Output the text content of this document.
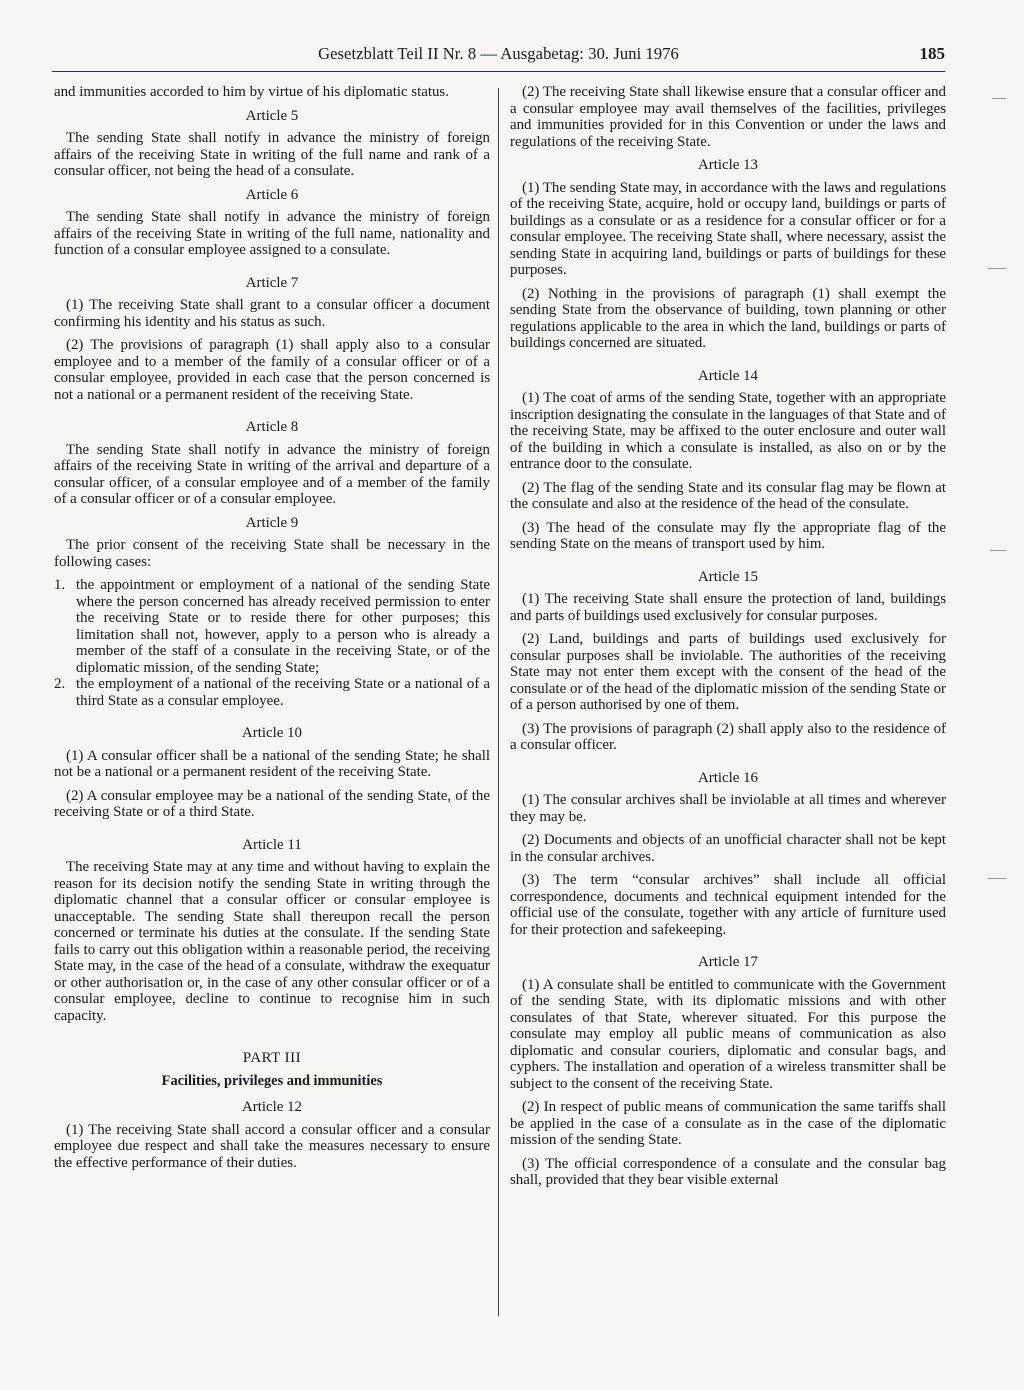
Gesetzblatt Teil II Nr. 8 — Ausgabetag: 30. Juni 1976	185

and immunities accorded to him by virtue of his diplomatic status.

Article 5

The sending State shall notify in advance the ministry of foreign affairs of the receiving State in writing of the full name and rank of a consular officer, not being the head of a consulate.

Article 6

The sending State shall notify in advance the ministry of foreign affairs of the receiving State in writing of the full name, nationality and function of a consular employee assigned to a consulate.

Article 7

(1) The receiving State shall grant to a consular officer a document confirming his identity and his status as such.

(2) The provisions of paragraph (1) shall apply also to a consular employee and to a member of the family of a consular officer or of a consular employee, provided in each case that the person concerned is not a national or a permanent resident of the receiving State.

Article 8

The sending State shall notify in advance the ministry of foreign affairs of the receiving State in writing of the arrival and departure of a consular officer, of a consular employee and of a member of the family of a consular officer or of a consular employee.

Article 9

The prior consent of the receiving State shall be necessary in the following cases:

1. the appointment or employment of a national of the sending State where the person concerned has already received permission to enter the receiving State or to reside there for other purposes; this limitation shall not, however, apply to a person who is already a member of the staff of a consulate in the receiving State, or of the diplomatic mission, of the sending State;
2. the employment of a national of the receiving State or a national of a third State as a consular employee.
Article 10

(1) A consular officer shall be a national of the sending State; he shall not be a national or a permanent resident of the receiving State.

(2) A consular employee may be a national of the sending State, of the receiving State or of a third State.

Article 11

The receiving State may at any time and without having to explain the reason for its decision notify the sending State in writing through the diplomatic channel that a consular officer or consular employee is unacceptable. The sending State shall thereupon recall the person concerned or terminate his duties at the consulate. If the sending State fails to carry out this obligation within a reasonable period, the receiving State may, in the case of the head of a consulate, withdraw the exequatur or other authorisation or, in the case of any other consular officer or of a consular employee, decline to continue to recognise him in such capacity.

PART III
Facilities, privileges and immunities
Article 12

(1) The receiving State shall accord a consular officer and a consular employee due respect and shall take the measures necessary to ensure the effective performance of their duties.

(2) The receiving State shall likewise ensure that a consular officer and a consular employee may avail themselves of the facilities, privileges and immunities provided for in this Convention or under the laws and regulations of the receiving State.

Article 13

(1) The sending State may, in accordance with the laws and regulations of the receiving State, acquire, hold or occupy land, buildings or parts of buildings as a consulate or as a residence for a consular officer or for a consular employee. The receiving State shall, where necessary, assist the sending State in acquiring land, buildings or parts of buildings for these purposes.

(2) Nothing in the provisions of paragraph (1) shall exempt the sending State from the observance of building, town planning or other regulations applicable to the area in which the land, buildings or parts of buildings concerned are situated.

Article 14

(1) The coat of arms of the sending State, together with an appropriate inscription designating the consulate in the languages of that State and of the receiving State, may be affixed to the outer enclosure and outer wall of the building in which a consulate is installed, as also on or by the entrance door to the consulate.

(2) The flag of the sending State and its consular flag may be flown at the consulate and also at the residence of the head of the consulate.

(3) The head of the consulate may fly the appropriate flag of the sending State on the means of transport used by him.

Article 15

(1) The receiving State shall ensure the protection of land, buildings and parts of buildings used exclusively for consular purposes.

(2) Land, buildings and parts of buildings used exclusively for consular purposes shall be inviolable. The authorities of the receiving State may not enter them except with the consent of the head of the consulate or of the head of the diplomatic mission of the sending State or of a person authorised by one of them.

(3) The provisions of paragraph (2) shall apply also to the residence of a consular officer.

Article 16

(1) The consular archives shall be inviolable at all times and wherever they may be.

(2) Documents and objects of an unofficial character shall not be kept in the consular archives.

(3) The term “consular archives” shall include all official correspondence, documents and technical equipment intended for the official use of the consulate, together with any article of furniture used for their protection and safekeeping.

Article 17

(1) A consulate shall be entitled to communicate with the Government of the sending State, with its diplomatic missions and with other consulates of that State, wherever situated. For this purpose the consulate may employ all public means of communication as also diplomatic and consular couriers, diplomatic and consular bags, and cyphers. The installation and operation of a wireless transmitter shall be subject to the consent of the receiving State.

(2) In respect of public means of communication the same tariffs shall be applied in the case of a consulate as in the case of the diplomatic mission of the sending State.

(3) The official correspondence of a consulate and the consular bag shall, provided that they bear visible external
